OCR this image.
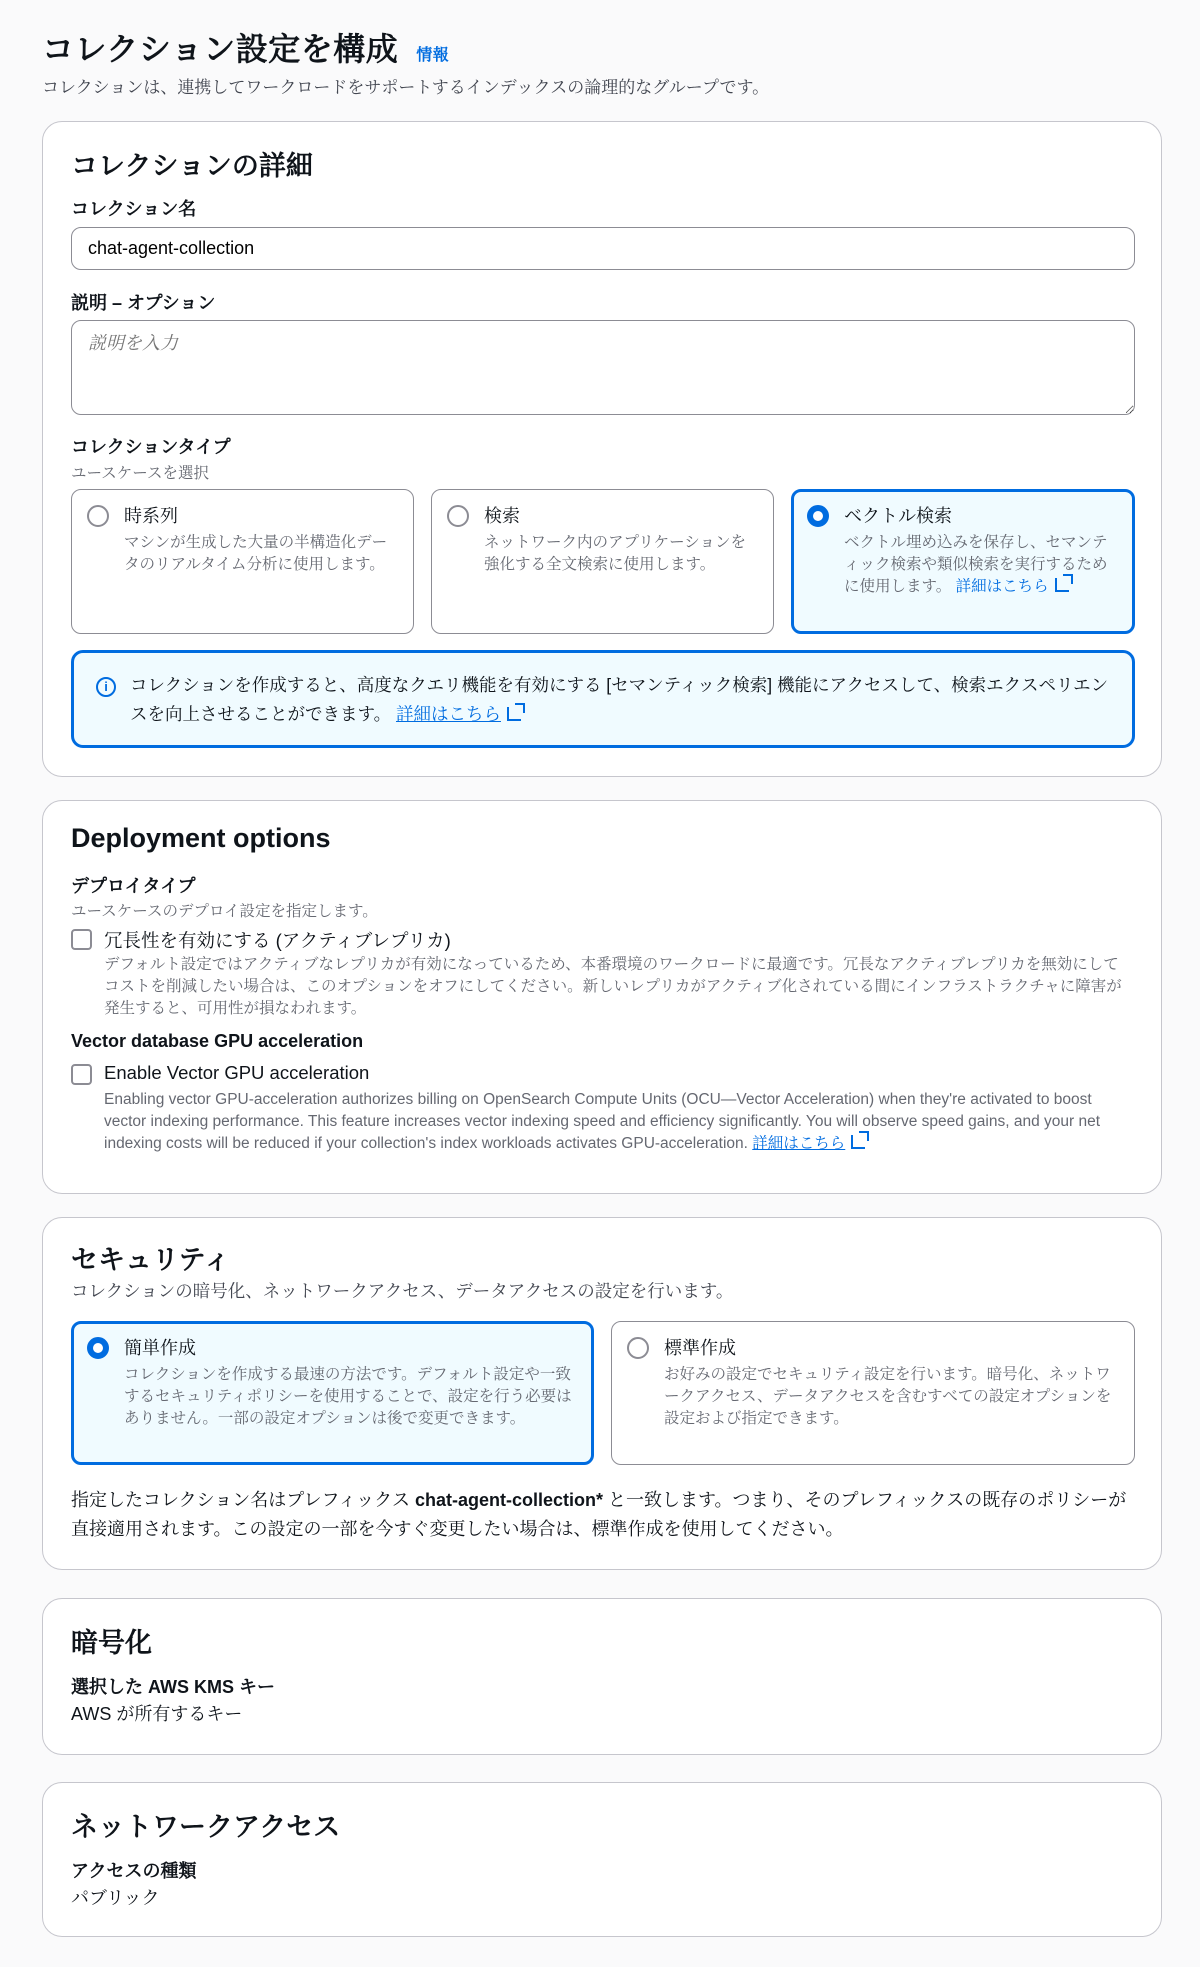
コレクション設定を構成 情報
コレクションは、連携してワークロードをサポートするインデックスの論理的なグループです。
コレクションの詳細
コレクション名
chat-agent-collection
説明 – オプション
説明を入力
コレクションタイプ
ユースケースを選択
時系列
マシンが生成した大量の半構造化データのリアルタイム分析に使用します。
検索
ネットワーク内のアプリケーションを強化する全文検索に使用します。
ベクトル検索
ベクトル埋め込みを保存し、セマンティック検索や類似検索を実行するために使用します。 詳細はこちら
i	コレクションを作成すると、高度なクエリ機能を有効にする [セマンティック検索] 機能にアクセスして、検索エクスペリエンスを向上させることができます。 詳細はこちら
Deployment options
デプロイタイプ
ユースケースのデプロイ設定を指定します。
冗長性を有効にする (アクティブレプリカ)
デフォルト設定ではアクティブなレプリカが有効になっているため、本番環境のワークロードに最適です。冗長なアクティブレプリカを無効にしてコストを削減したい場合は、このオプションをオフにしてください。新しいレプリカがアクティブ化されている間にインフラストラクチャに障害が発生すると、可用性が損なわれます。
Vector database GPU acceleration
Enable Vector GPU acceleration
Enabling vector GPU-acceleration authorizes billing on OpenSearch Compute Units (OCU—Vector Acceleration) when they're activated to boost vector indexing performance. This feature increases vector indexing speed and efficiency significantly. You will observe speed gains, and your net indexing costs will be reduced if your collection's index workloads activates GPU-acceleration. 詳細はこちら
セキュリティ
コレクションの暗号化、ネットワークアクセス、データアクセスの設定を行います。
簡単作成
コレクションを作成する最速の方法です。デフォルト設定や一致するセキュリティポリシーを使用することで、設定を行う必要はありません。一部の設定オプションは後で変更できます。
標準作成
お好みの設定でセキュリティ設定を行います。暗号化、ネットワークアクセス、データアクセスを含むすべての設定オプションを設定および指定できます。
指定したコレクション名はプレフィックス chat-agent-collection* と一致します。つまり、そのプレフィックスの既存のポリシーが直接適用されます。この設定の一部を今すぐ変更したい場合は、標準作成を使用してください。
暗号化
選択した AWS KMS キー
AWS が所有するキー
ネットワークアクセス
アクセスの種類
パブリック
